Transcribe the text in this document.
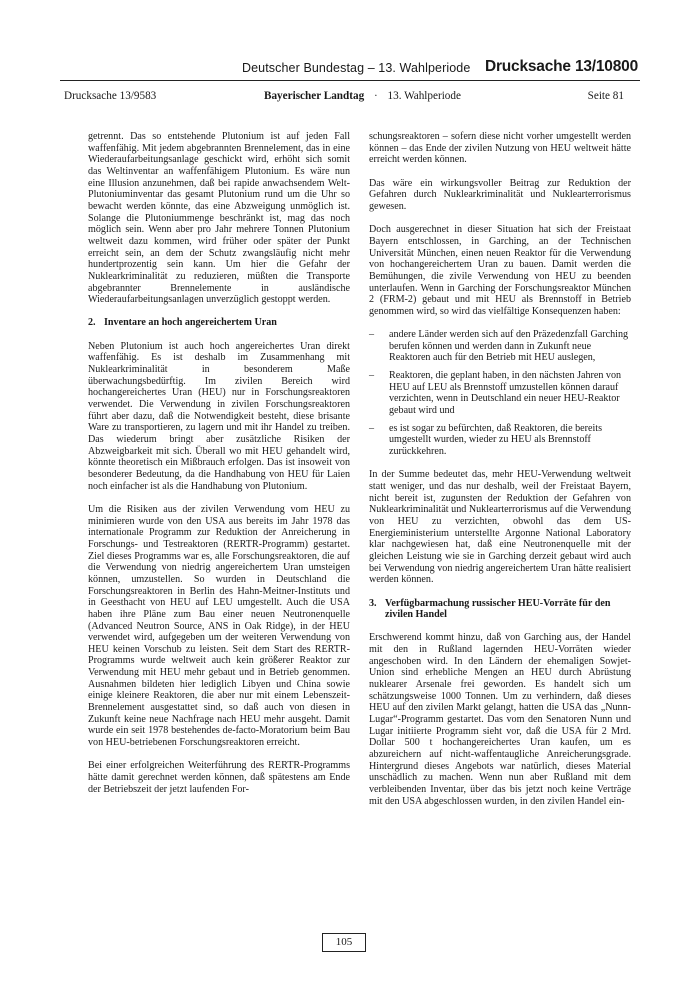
Deutscher Bundestag – 13. Wahlperiode Drucksache 13/10800
Drucksache 13/9583	Bayerischer Landtag · 13. Wahlperiode	Seite 81

getrennt. Das so entstehende Plutonium ist auf jeden Fall waffenfähig. Mit jedem abgebrannten Brennelement, das in eine Wiederaufarbeitungsanlage geschickt wird, erhöht sich somit das Weltinventar an waffenfähigem Plutonium. Es wäre nun eine Illusion anzunehmen, daß bei rapide anwachsendem Welt-Plutoniuminventar das gesamt Plutonium rund um die Uhr so bewacht werden könnte, das eine Abzweigung unmöglich ist. Solange die Plutoniummenge beschränkt ist, mag das noch möglich sein. Wenn aber pro Jahr mehrere Tonnen Plutonium weltweit dazu kommen, wird früher oder später der Punkt erreicht sein, an dem der Schutz zwangsläufig nicht mehr hundertprozentig sein kann. Um hier die Gefahr der Nuklearkriminalität zu reduzieren, müßten die Transporte abgebrannter Brennelemente in ausländische Wiederaufarbeitungsanlagen unverzüglich gestoppt werden.

2. Inventare an hoch angereichertem Uran

Neben Plutonium ist auch hoch angereichertes Uran direkt waffenfähig. Es ist deshalb im Zusammenhang mit Nuklearkriminalität in besonderem Maße überwachungsbedürftig. Im zivilen Bereich wird hochangereichertes Uran (HEU) nur in Forschungsreaktoren verwendet. Die Verwendung in zivilen Forschungsreaktoren führt aber dazu, daß die Notwendigkeit besteht, diese brisante Ware zu transportieren, zu lagern und mit ihr Handel zu treiben. Das wiederum bringt aber zusätzliche Risiken der Abzweigbarkeit mit sich. Überall wo mit HEU gehandelt wird, könnte theoretisch ein Mißbrauch erfolgen. Das ist insoweit von besonderer Bedeutung, da die Handhabung von HEU für Laien noch einfacher ist als die Handhabung von Plutonium.

Um die Risiken aus der zivilen Verwendung vom HEU zu minimieren wurde von den USA aus bereits im Jahr 1978 das internationale Programm zur Reduktion der Anreicherung in Forschungs- und Testreaktoren (RERTR-Programm) gestartet. Ziel dieses Programms war es, alle Forschungsreaktoren, die auf die Verwendung von niedrig angereichertem Uran umsteigen können, umzustellen. So wurden in Deutschland die Forschungsreaktoren in Berlin des Hahn-Meitner-Instituts und in Geesthacht von HEU auf LEU umgestellt. Auch die USA haben ihre Pläne zum Bau einer neuen Neutronenquelle (Advanced Neutron Source, ANS in Oak Ridge), in der HEU verwendet wird, aufgegeben um der weiteren Verwendung von HEU keinen Vorschub zu leisten. Seit dem Start des RERTR-Programms wurde weltweit auch kein größerer Reaktor zur Verwendung mit HEU mehr gebaut und in Betrieb genommen. Ausnahmen bildeten hier lediglich Libyen und China sowie einige kleinere Reaktoren, die aber nur mit einem Lebenszeit-Brennelement ausgestattet sind, so daß auch von diesen in Zukunft keine neue Nachfrage nach HEU mehr ausgeht. Damit wurde ein seit 1978 bestehendes de-facto-Moratorium beim Bau von HEU-betriebenen Forschungsreaktoren erreicht.

Bei einer erfolgreichen Weiterführung des RERTR-Programms hätte damit gerechnet werden können, daß spätestens am Ende der Betriebszeit der jetzt laufenden For-

schungsreaktoren – sofern diese nicht vorher umgestellt werden können – das Ende der zivilen Nutzung von HEU weltweit hätte erreicht werden können.

Das wäre ein wirkungsvoller Beitrag zur Reduktion der Gefahren durch Nuklearkriminalität und Nuklearterrorismus gewesen.

Doch ausgerechnet in dieser Situation hat sich der Freistaat Bayern entschlossen, in Garching, an der Technischen Universität München, einen neuen Reaktor für die Verwendung von hochangereichertem Uran zu bauen. Damit werden die Bemühungen, die zivile Verwendung von HEU zu beenden unterlaufen. Wenn in Garching der Forschungsreaktor München 2 (FRM-2) gebaut und mit HEU als Brennstoff in Betrieb genommen wird, so wird das vielfältige Konsequenzen haben:

–	andere Länder werden sich auf den Präzedenzfall Garching berufen können und werden dann in Zukunft neue Reaktoren auch für den Betrieb mit HEU auslegen,
–	Reaktoren, die geplant haben, in den nächsten Jahren von HEU auf LEU als Brennstoff umzustellen können darauf verzichten, wenn in Deutschland ein neuer HEU-Reaktor gebaut wird und
–	es ist sogar zu befürchten, daß Reaktoren, die bereits umgestellt wurden, wieder zu HEU als Brennstoff zurückkehren.

In der Summe bedeutet das, mehr HEU-Verwendung weltweit statt weniger, und das nur deshalb, weil der Freistaat Bayern, nicht bereit ist, zugunsten der Reduktion der Gefahren von Nuklearkriminalität und Nuklearterrorismus auf die Verwendung von HEU zu verzichten, obwohl das dem US-Energieministerium unterstellte Argonne National Laboratory klar nachgewiesen hat, daß eine Neutronenquelle mit der gleichen Leistung wie sie in Garching derzeit gebaut wird auch bei Verwendung von niedrig angereichertem Uran hätte realisiert werden können.

3. Verfügbarmachung russischer HEU-Vorräte für den zivilen Handel

Erschwerend kommt hinzu, daß von Garching aus, der Handel mit den in Rußland lagernden HEU-Vorräten wieder angeschoben wird. In den Ländern der ehemaligen Sowjet-Union sind erhebliche Mengen an HEU durch Abrüstung nuklearer Arsenale frei geworden. Es handelt sich um schätzungsweise 1000 Tonnen. Um zu verhindern, daß dieses HEU auf den zivilen Markt gelangt, hatten die USA das „Nunn-Lugar“-Programm gestartet. Das vom den Senatoren Nunn und Lugar initiierte Programm sieht vor, daß die USA für 2 Mrd. Dollar 500 t hochangereichertes Uran kaufen, um es abzureichern auf nicht-waffentaugliche Anreicherungsgrade. Hintergrund dieses Angebots war natürlich, dieses Material unschädlich zu machen. Wenn nun aber Rußland mit dem verbleibenden Inventar, über das bis jetzt noch keine Verträge mit den USA abgeschlossen wurden, in den zivilen Handel ein-

105
